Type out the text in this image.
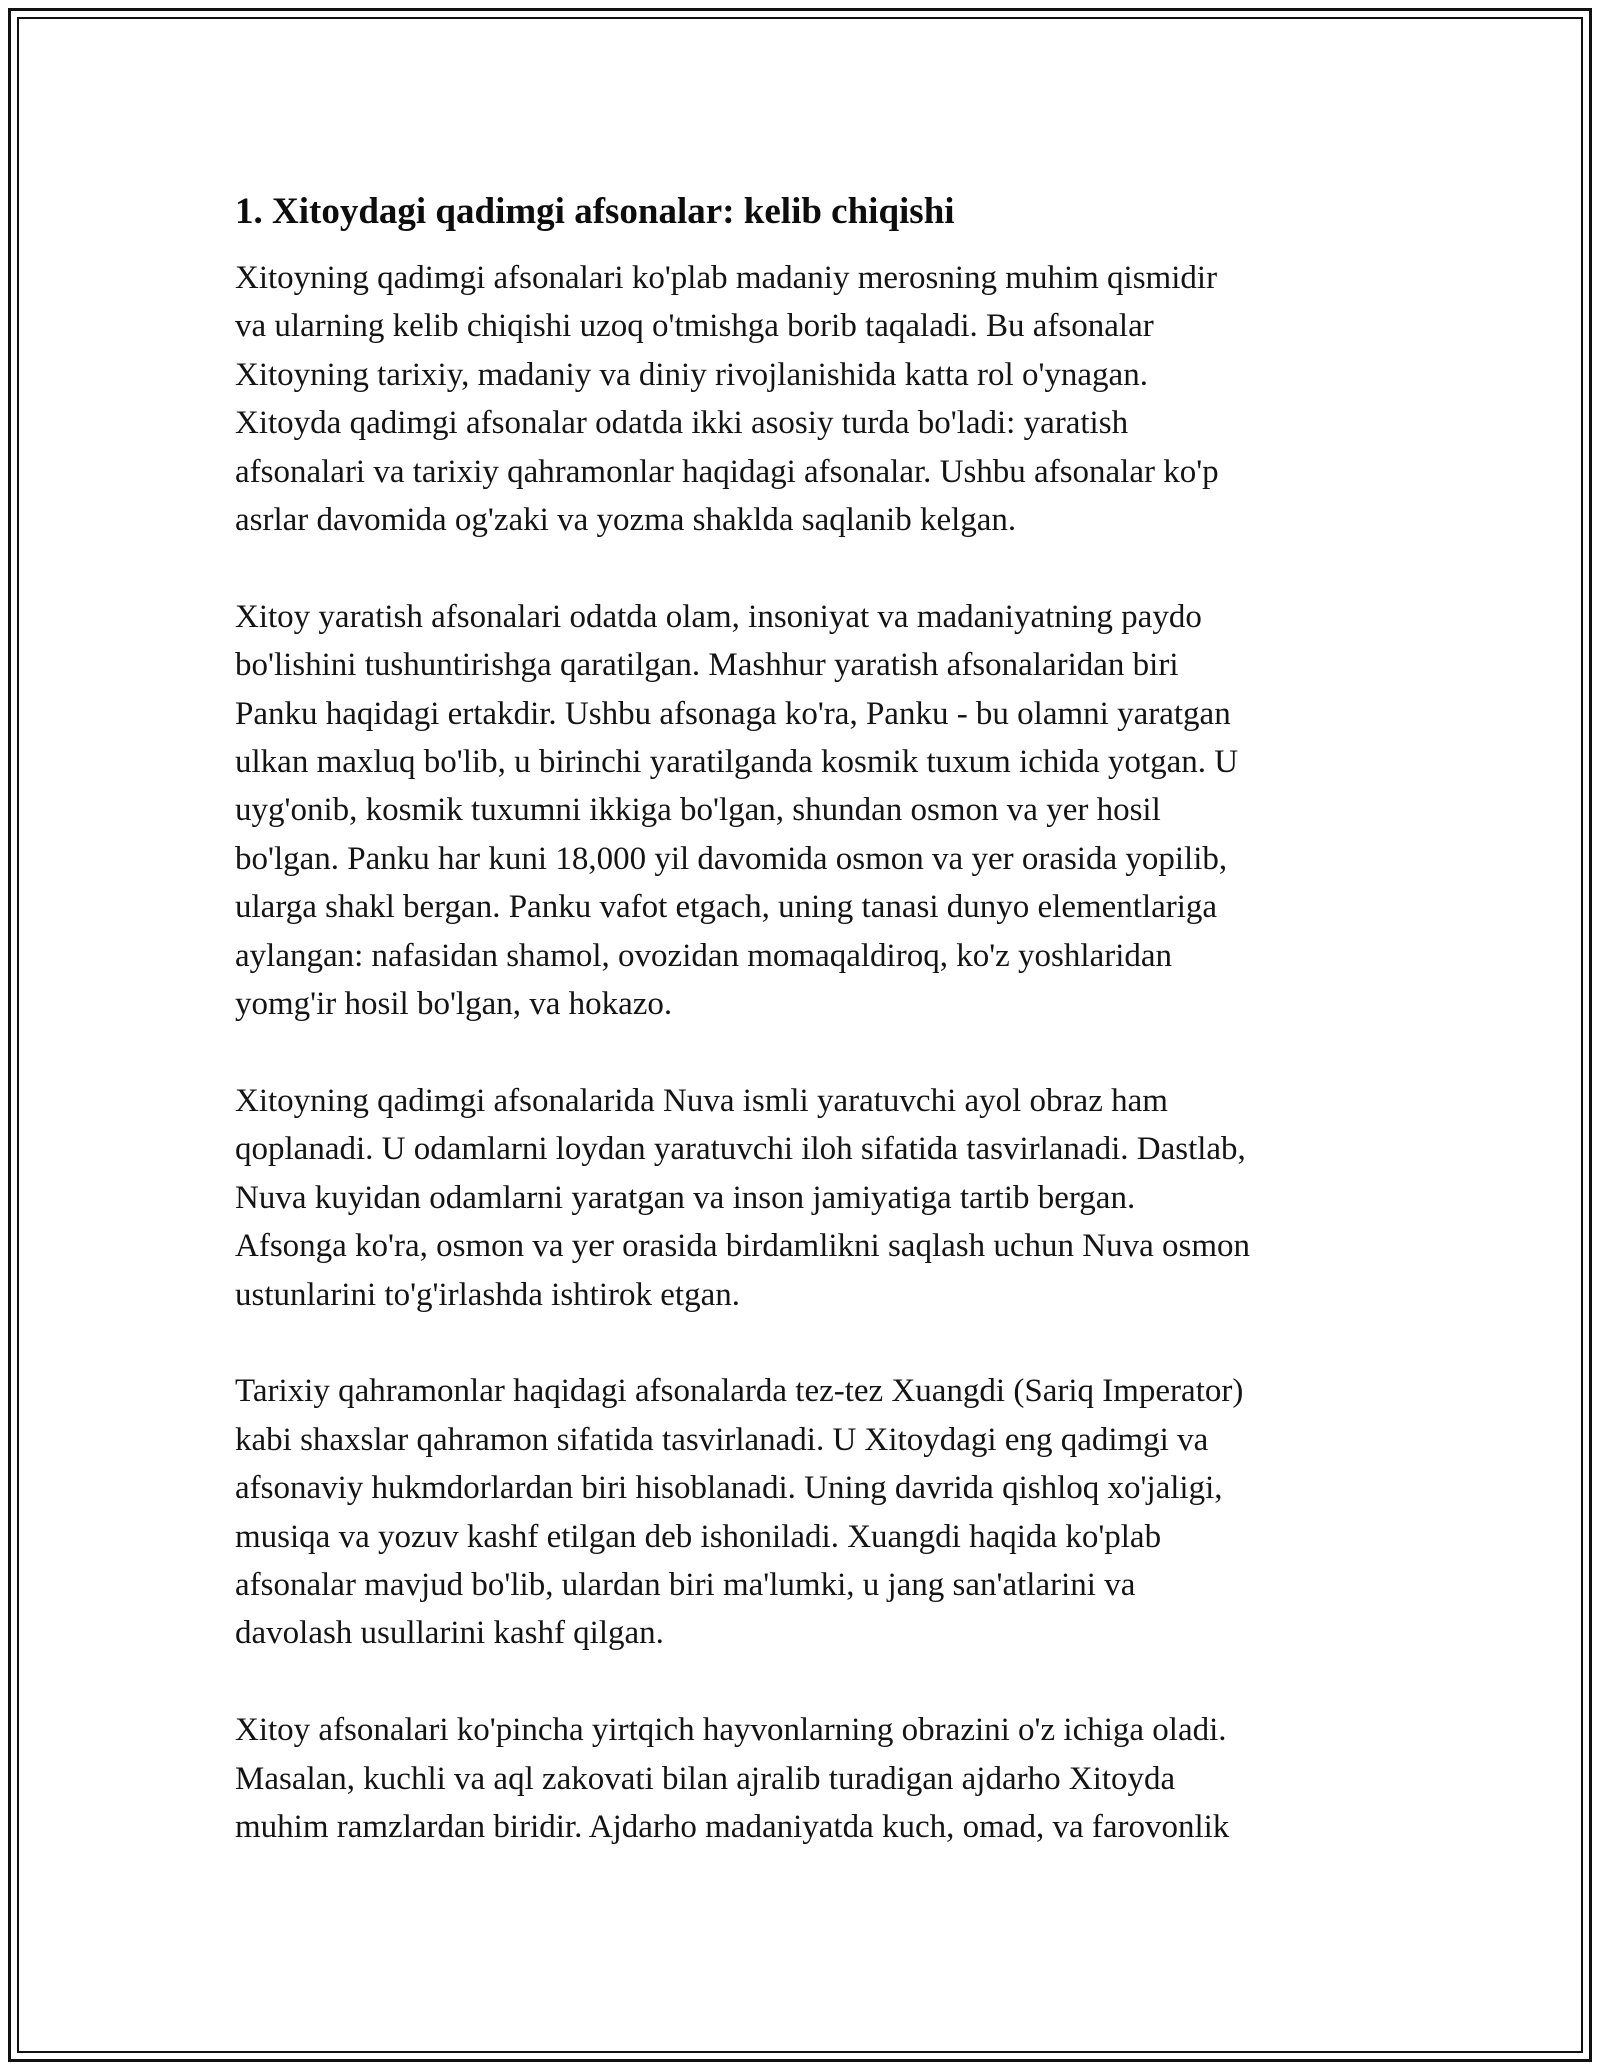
1. Xitoydagi qadimgi afsonalar: kelib chiqishi
Xitoyning qadimgi afsonalari ko'plab madaniy merosning muhim qismidir
va ularning kelib chiqishi uzoq o'tmishga borib taqaladi. Bu afsonalar
Xitoyning tarixiy, madaniy va diniy rivojlanishida katta rol o'ynagan.
Xitoyda qadimgi afsonalar odatda ikki asosiy turda bo'ladi: yaratish
afsonalari va tarixiy qahramonlar haqidagi afsonalar. Ushbu afsonalar ko'p
asrlar davomida og'zaki va yozma shaklda saqlanib kelgan.
Xitoy yaratish afsonalari odatda olam, insoniyat va madaniyatning paydo
bo'lishini tushuntirishga qaratilgan. Mashhur yaratish afsonalaridan biri
Panku haqidagi ertakdir. Ushbu afsonaga ko'ra, Panku - bu olamni yaratgan
ulkan maxluq bo'lib, u birinchi yaratilganda kosmik tuxum ichida yotgan. U
uyg'onib, kosmik tuxumni ikkiga bo'lgan, shundan osmon va yer hosil
bo'lgan. Panku har kuni 18,000 yil davomida osmon va yer orasida yopilib,
ularga shakl bergan. Panku vafot etgach, uning tanasi dunyo elementlariga
aylangan: nafasidan shamol, ovozidan momaqaldiroq, ko'z yoshlaridan
yomg'ir hosil bo'lgan, va hokazo.
Xitoyning qadimgi afsonalarida Nuva ismli yaratuvchi ayol obraz ham
qoplanadi. U odamlarni loydan yaratuvchi iloh sifatida tasvirlanadi. Dastlab,
Nuva kuyidan odamlarni yaratgan va inson jamiyatiga tartib bergan.
Afsonga ko'ra, osmon va yer orasida birdamlikni saqlash uchun Nuva osmon
ustunlarini to'g'irlashda ishtirok etgan.
Tarixiy qahramonlar haqidagi afsonalarda tez-tez Xuangdi (Sariq Imperator)
kabi shaxslar qahramon sifatida tasvirlanadi. U Xitoydagi eng qadimgi va
afsonaviy hukmdorlardan biri hisoblanadi. Uning davrida qishloq xo'jaligi,
musiqa va yozuv kashf etilgan deb ishoniladi. Xuangdi haqida ko'plab
afsonalar mavjud bo'lib, ulardan biri ma'lumki, u jang san'atlarini va
davolash usullarini kashf qilgan.
Xitoy afsonalari ko'pincha yirtqich hayvonlarning obrazini o'z ichiga oladi.
Masalan, kuchli va aql zakovati bilan ajralib turadigan ajdarho Xitoyda
muhim ramzlardan biridir. Ajdarho madaniyatda kuch, omad, va farovonlik
